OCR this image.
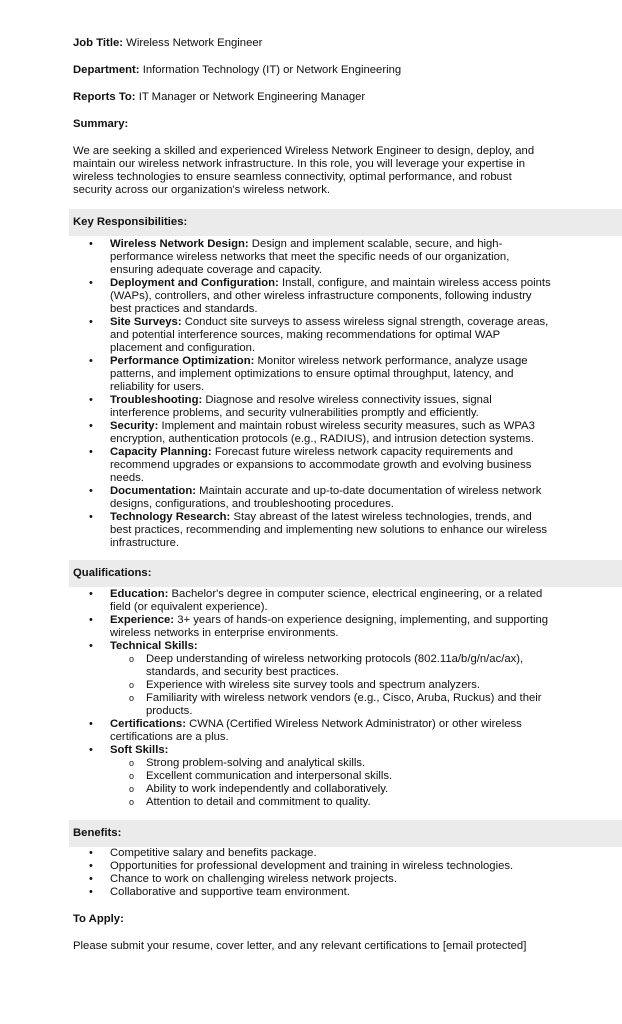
Job Title: Wireless Network Engineer
Department: Information Technology (IT) or Network Engineering
Reports To: IT Manager or Network Engineering Manager
Summary:
We are seeking a skilled and experienced Wireless Network Engineer to design, deploy, and maintain our wireless network infrastructure. In this role, you will leverage your expertise in wireless technologies to ensure seamless connectivity, optimal performance, and robust security across our organization's wireless network.
Key Responsibilities:
• Wireless Network Design: Design and implement scalable, secure, and high-performance wireless networks that meet the specific needs of our organization, ensuring adequate coverage and capacity.
• Deployment and Configuration: Install, configure, and maintain wireless access points (WAPs), controllers, and other wireless infrastructure components, following industry best practices and standards.
• Site Surveys: Conduct site surveys to assess wireless signal strength, coverage areas, and potential interference sources, making recommendations for optimal WAP placement and configuration.
• Performance Optimization: Monitor wireless network performance, analyze usage patterns, and implement optimizations to ensure optimal throughput, latency, and reliability for users.
• Troubleshooting: Diagnose and resolve wireless connectivity issues, signal interference problems, and security vulnerabilities promptly and efficiently.
• Security: Implement and maintain robust wireless security measures, such as WPA3 encryption, authentication protocols (e.g., RADIUS), and intrusion detection systems.
• Capacity Planning: Forecast future wireless network capacity requirements and recommend upgrades or expansions to accommodate growth and evolving business needs.
• Documentation: Maintain accurate and up-to-date documentation of wireless network designs, configurations, and troubleshooting procedures.
• Technology Research: Stay abreast of the latest wireless technologies, trends, and best practices, recommending and implementing new solutions to enhance our wireless infrastructure.
Qualifications:
• Education: Bachelor's degree in computer science, electrical engineering, or a related field (or equivalent experience).
• Experience: 3+ years of hands-on experience designing, implementing, and supporting wireless networks in enterprise environments.
• Technical Skills:
o Deep understanding of wireless networking protocols (802.11a/b/g/n/ac/ax), standards, and security best practices.
o Experience with wireless site survey tools and spectrum analyzers.
o Familiarity with wireless network vendors (e.g., Cisco, Aruba, Ruckus) and their products.
• Certifications: CWNA (Certified Wireless Network Administrator) or other wireless certifications are a plus.
• Soft Skills:
o Strong problem-solving and analytical skills.
o Excellent communication and interpersonal skills.
o Ability to work independently and collaboratively.
o Attention to detail and commitment to quality.
Benefits:
• Competitive salary and benefits package.
• Opportunities for professional development and training in wireless technologies.
• Chance to work on challenging wireless network projects.
• Collaborative and supportive team environment.
To Apply:
Please submit your resume, cover letter, and any relevant certifications to [email protected]
